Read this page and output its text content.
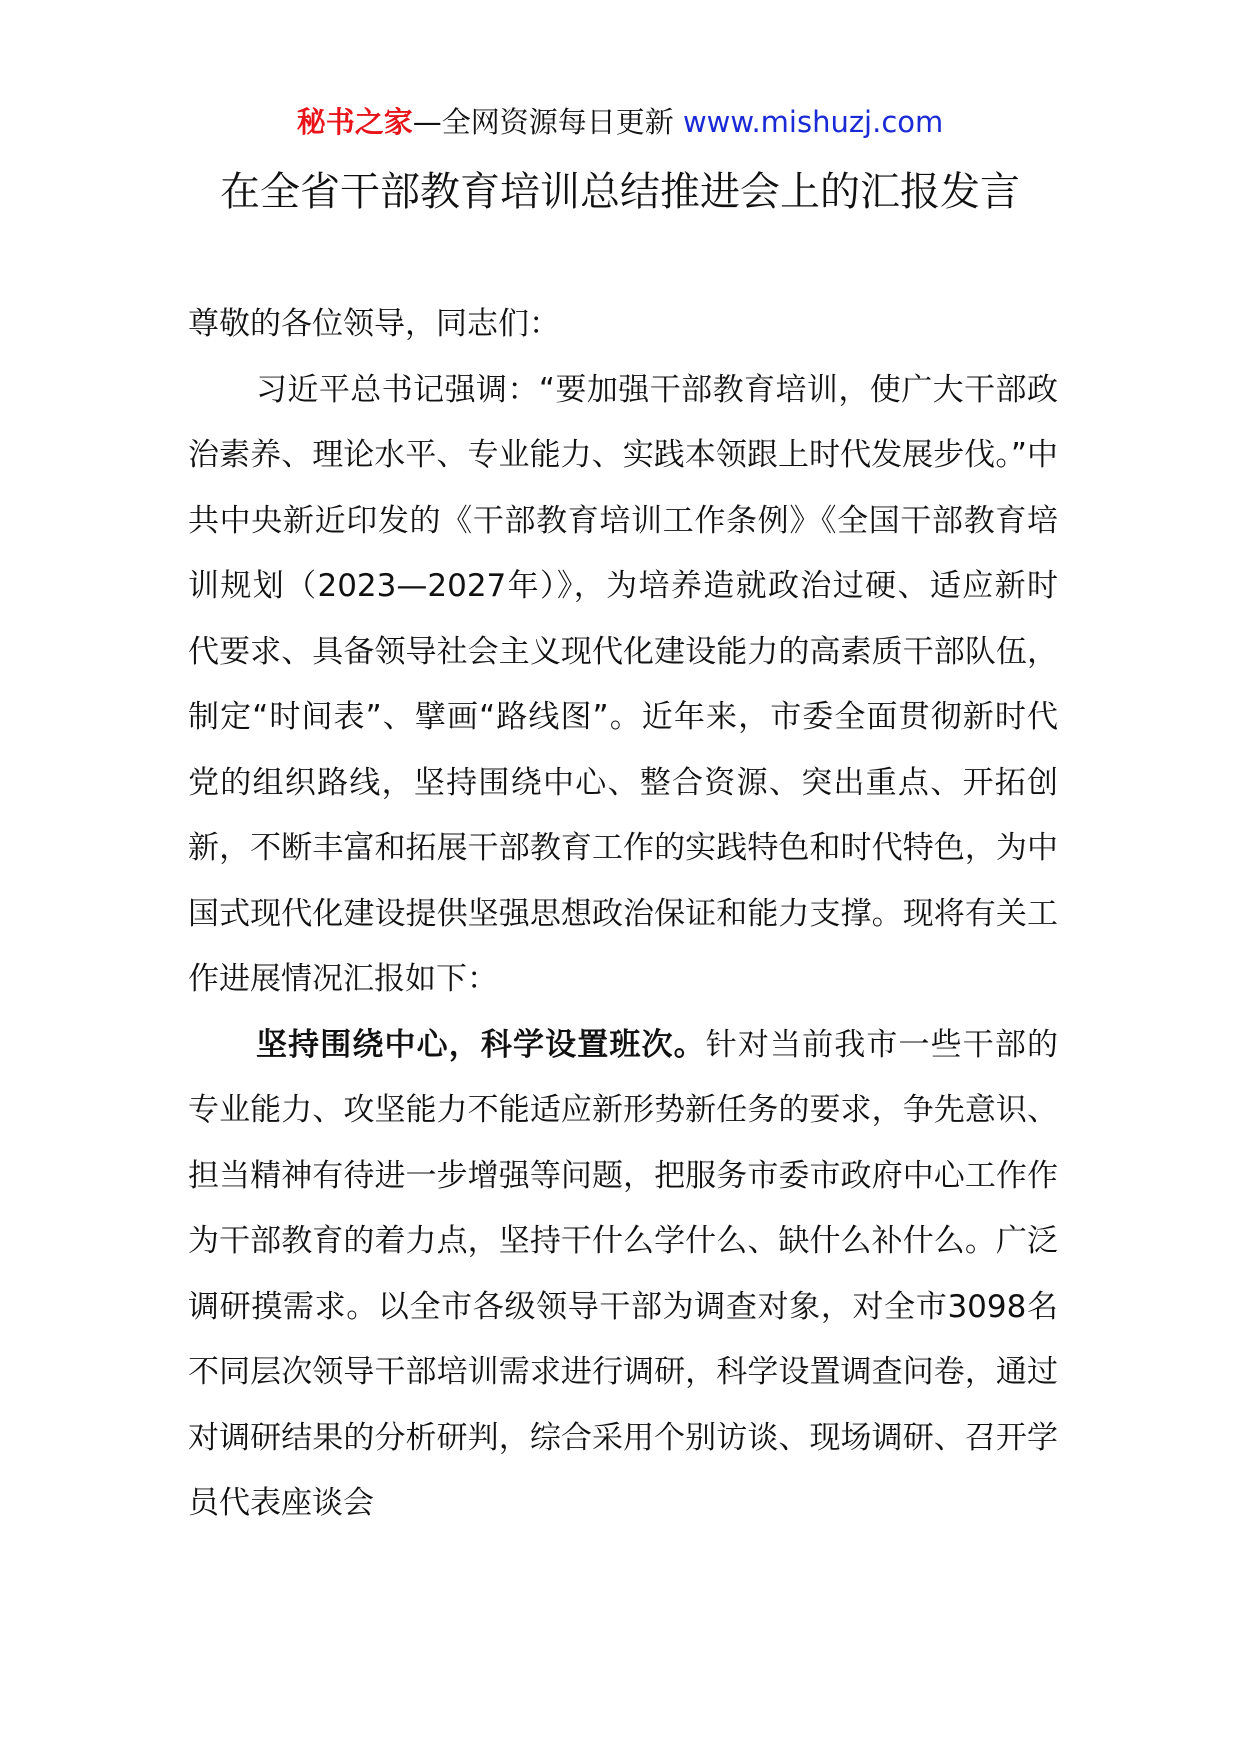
秘书之家—全网资源每日更新 www.mishuzj.com
在全省干部教育培训总结推进会上的汇报发言

尊敬的各位领导，同志们：

习近平总书记强调：“要加强干部教育培训，使广大干部政治素养、理论水平、专业能力、实践本领跟上时代发展步伐。”中共中央新近印发的《干部教育培训工作条例》《全国干部教育培训规划（2023—2027年）》，为培养造就政治过硬、适应新时代要求、具备领导社会主义现代化建设能力的高素质干部队伍，制定“时间表”、擘画“路线图”。近年来，市委全面贯彻新时代党的组织路线，坚持围绕中心、整合资源、突出重点、开拓创新，不断丰富和拓展干部教育工作的实践特色和时代特色，为中国式现代化建设提供坚强思想政治保证和能力支撑。现将有关工作进展情况汇报如下：

坚持围绕中心，科学设置班次。针对当前我市一些干部的专业能力、攻坚能力不能适应新形势新任务的要求，争先意识、担当精神有待进一步增强等问题，把服务市委市政府中心工作作为干部教育的着力点，坚持干什么学什么、缺什么补什么。广泛调研摸需求。以全市各级领导干部为调查对象，对全市3098名不同层次领导干部培训需求进行调研，科学设置调查问卷，通过对调研结果的分析研判，综合采用个别访谈、现场调研、召开学员代表座谈会
